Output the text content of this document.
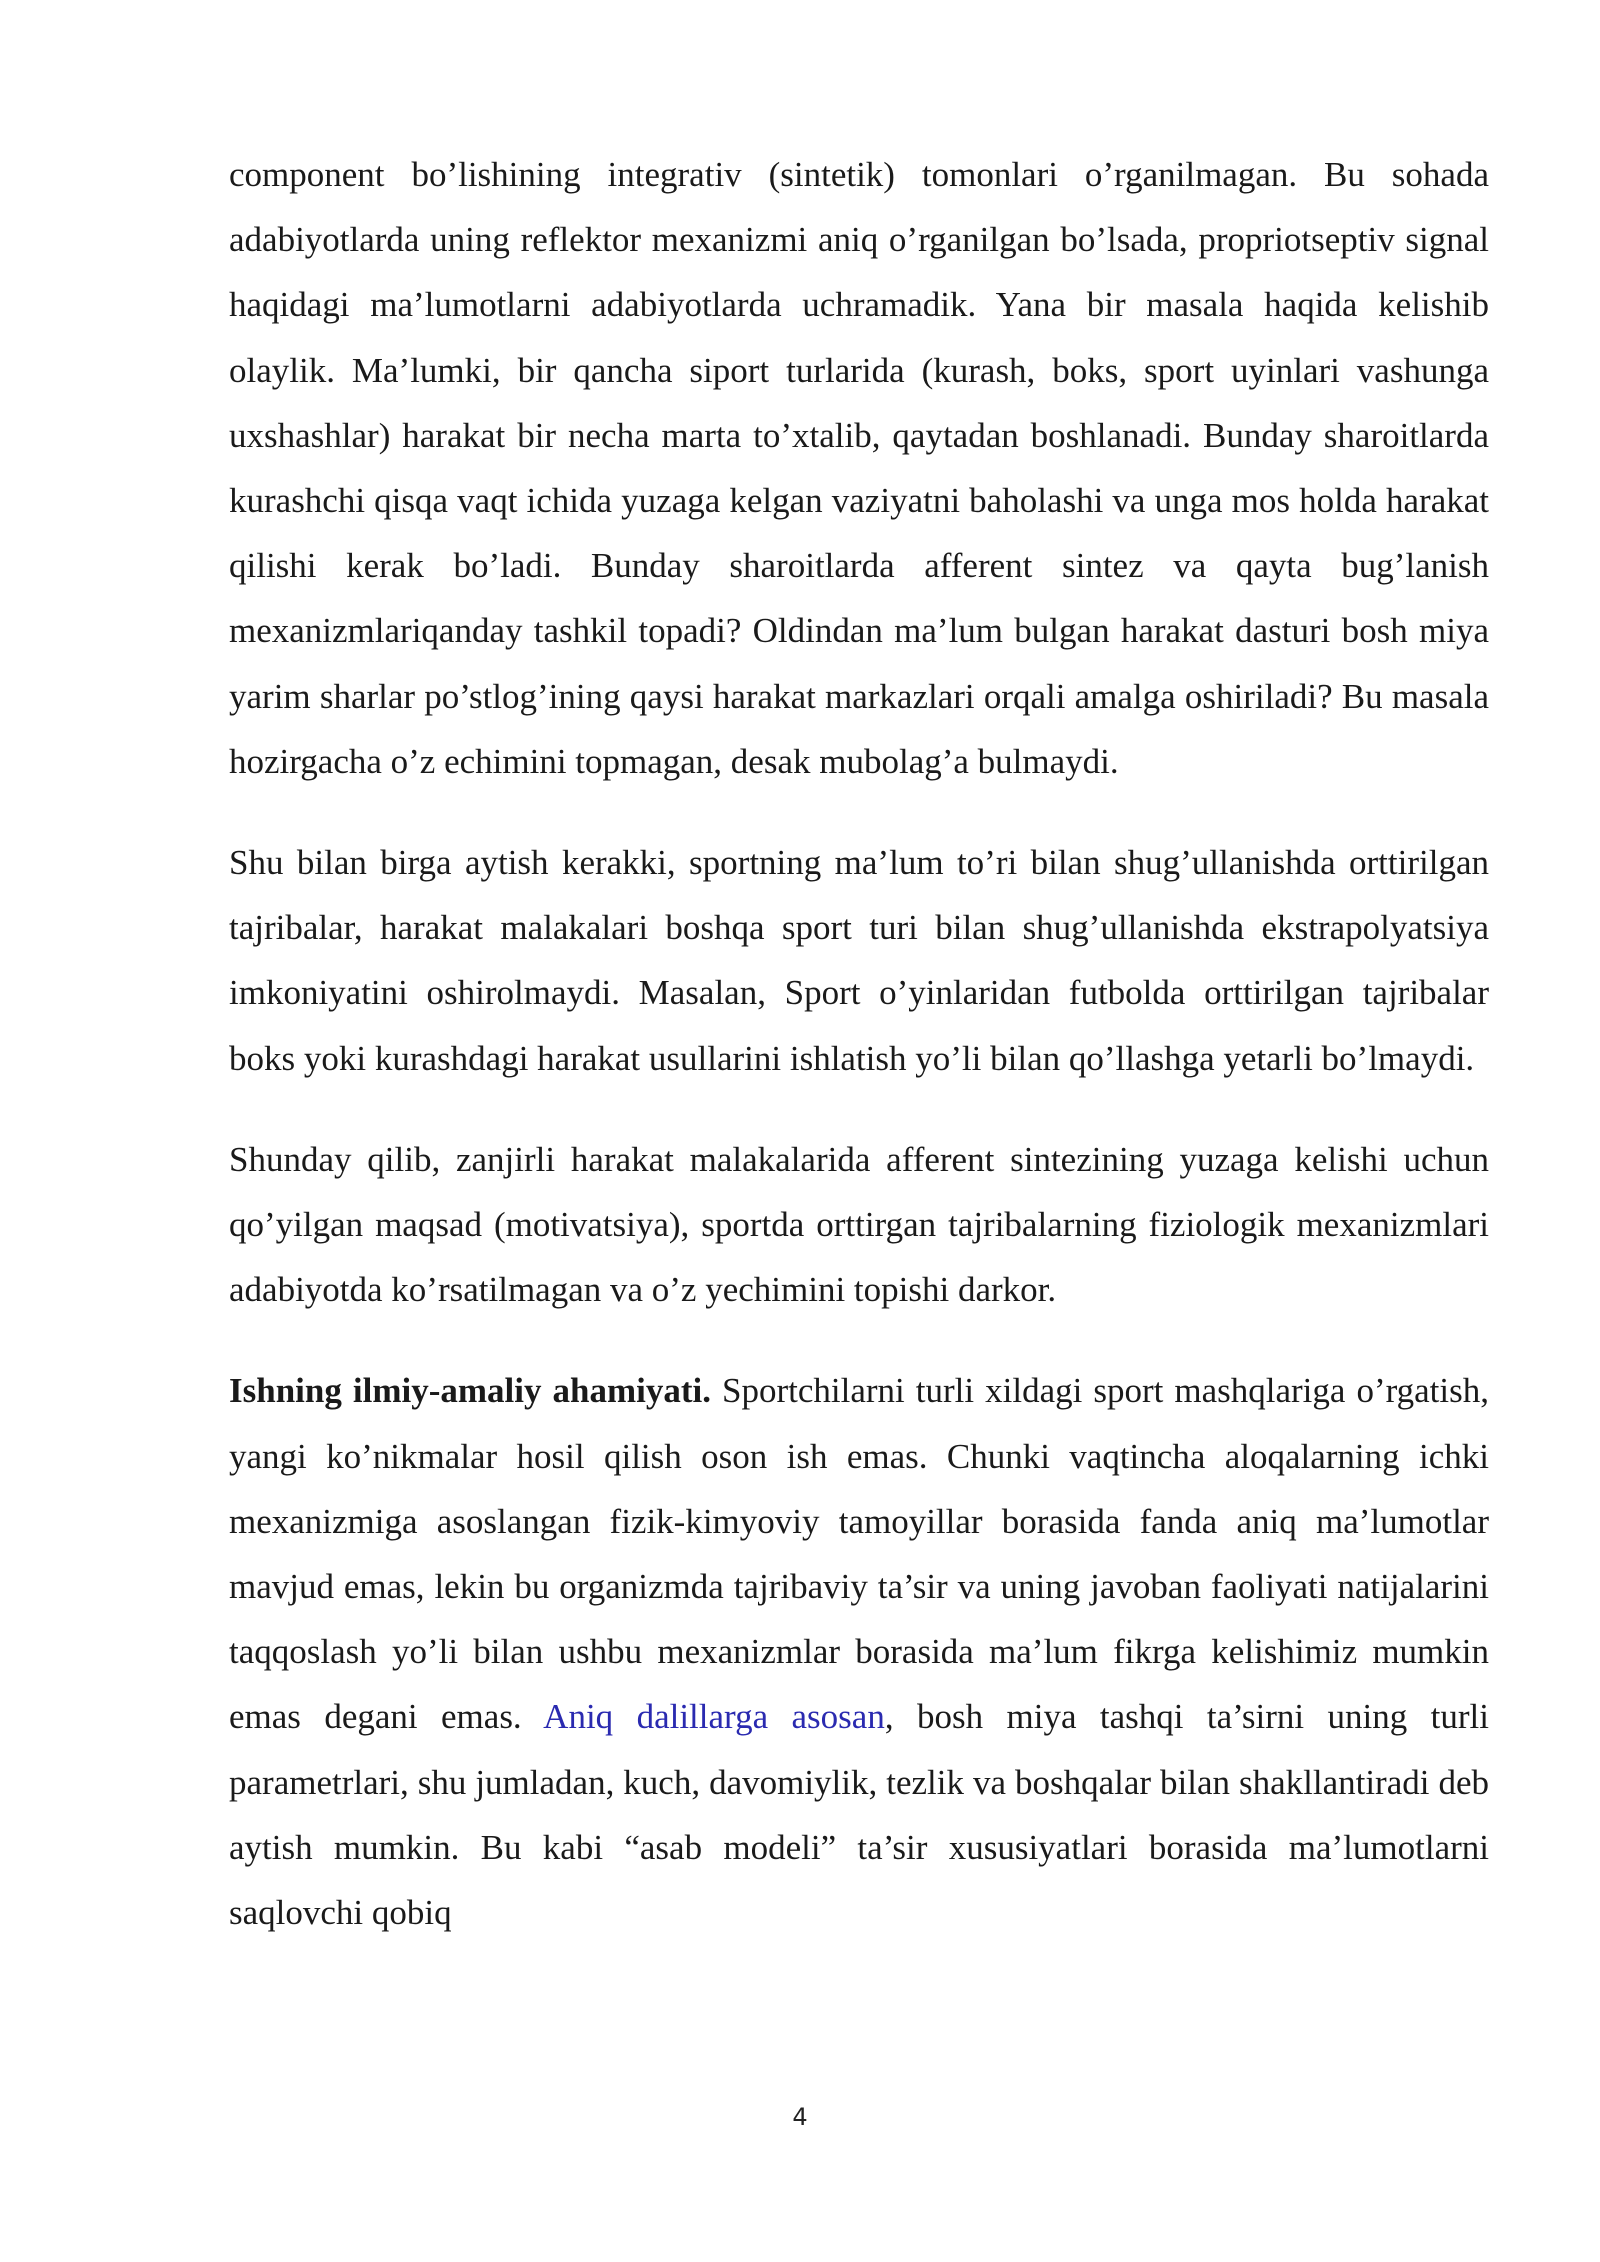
component bo’lishining integrativ (sintetik) tomonlari o’rganilmagan. Bu sohada adabiyotlarda uning reflektor mexanizmi aniq o’rganilgan bo’lsada, propriotseptiv signal haqidagi ma’lumotlarni adabiyotlarda uchramadik. Yana bir masala haqida kelishib olaylik. Ma’lumki, bir qancha siport turlarida (kurash, boks, sport uyinlari vashunga uxshashlar) harakat bir necha marta to’xtalib, qaytadan boshlanadi. Bunday sharoitlarda kurashchi qisqa vaqt ichida yuzaga kelgan vaziyatni baholashi va unga mos holda harakat qilishi kerak bo’ladi. Bunday sharoitlarda afferent sintez va qayta bug’lanish mexanizmlariqanday tashkil topadi? Oldindan ma’lum bulgan harakat dasturi bosh miya yarim sharlar po’stlog’ining qaysi harakat markazlari orqali amalga oshiriladi? Bu masala hozirgacha o’z echimini topmagan, desak mubolag’a bulmaydi.

Shu bilan birga aytish kerakki, sportning ma’lum to’ri bilan shug’ullanishda orttirilgan tajribalar, harakat malakalari boshqa sport turi bilan shug’ullanishda ekstrapolyatsiya imkoniyatini oshirolmaydi. Masalan, Sport o’yinlaridan futbolda orttirilgan tajribalar boks yoki kurashdagi harakat usullarini ishlatish yo’li bilan qo’llashga yetarli bo’lmaydi.

Shunday qilib, zanjirli harakat malakalarida afferent sintezining yuzaga kelishi uchun qo’yilgan maqsad (motivatsiya), sportda orttirgan tajribalarning fiziologik mexanizmlari adabiyotda ko’rsatilmagan va o’z yechimini topishi darkor.

Ishning ilmiy-amaliy ahamiyati. Sportchilarni turli xildagi sport mashqlariga o’rgatish, yangi ko’nikmalar hosil qilish oson ish emas. Chunki vaqtincha aloqalarning ichki mexanizmiga asoslangan fizik-kimyoviy tamoyillar borasida fanda aniq ma’lumotlar mavjud emas, lekin bu organizmda tajribaviy ta’sir va uning javoban faoliyati natijalarini taqqoslash yo’li bilan ushbu mexanizmlar borasida ma’lum fikrga kelishimiz mumkin emas degani emas. Aniq dalillarga asosan, bosh miya tashqi ta’sirni uning turli parametrlari, shu jumladan, kuch, davomiylik, tezlik va boshqalar bilan shakllantiradi deb aytish mumkin. Bu kabi “asab modeli” ta’sir xususiyatlari borasida ma’lumotlarni saqlovchi qobiq

4
